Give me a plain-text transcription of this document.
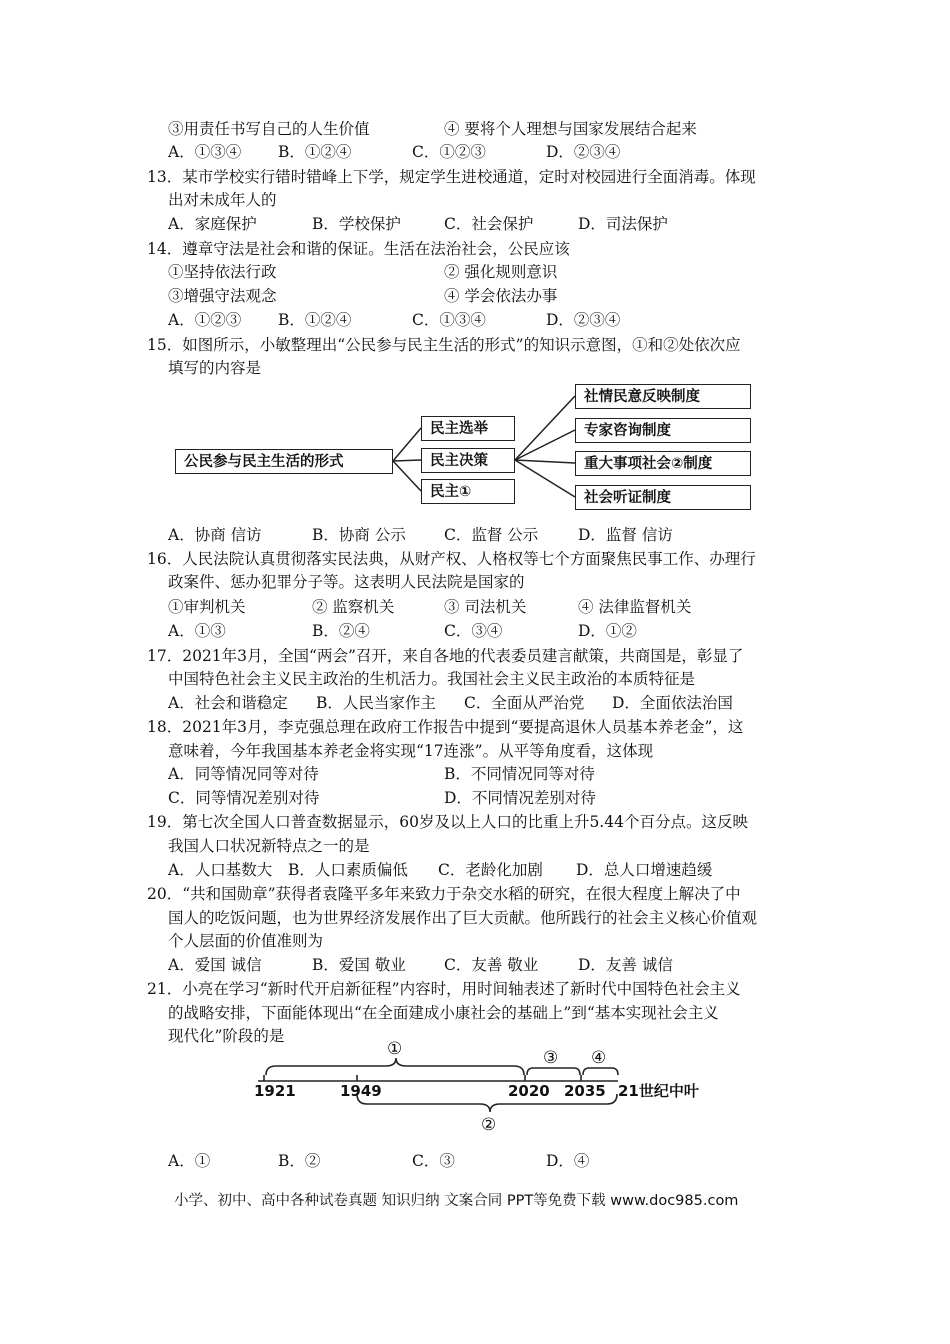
③用责任书写自己的人生价值	④ 要将个人理想与国家发展结合起来
A．①③④ B．①②④	C．①②③	D．②③④
13．某市学校实行错时错峰上下学，规定学生进校通道，定时对校园进行全面消毒。体现
出对未成年人的
A．家庭保护	B．学校保护	C．社会保护	D．司法保护
14．遵章守法是社会和谐的保证。生活在法治社会，公民应该
①坚持依法行政	② 强化规则意识
③增强守法观念	④ 学会依法办事
A．①②③ B．①②④	C．①③④	D．②③④
15．如图所示，小敏整理出“公民参与民主生活的形式”的知识示意图，①和②处依次应
填写的内容是
公民参与民主生活的形式
民主选举
民主决策
民主①
社情民意反映制度
专家咨询制度
重大事项社会②制度
社会听证制度
A．协商 信访	B．协商 公示 C．监督 公示	D．监督 信访
16．人民法院认真贯彻落实民法典，从财产权、人格权等七个方面聚焦民事工作、办理行
政案件、惩办犯罪分子等。这表明人民法院是国家的
①审判机关	② 监察机关	③ 司法机关	④ 法律监督机关
A．①③	B．②④	C．③④	D．①②
17．2021年3月，全国“两会”召开，来自各地的代表委员建言献策，共商国是，彰显了
中国特色社会主义民主政治的生机活力。我国社会主义民主政治的本质特征是
A．社会和谐稳定 B．人民当家作主 C．全面从严治党 D．全面依法治国
18．2021年3月，李克强总理在政府工作报告中提到“要提高退休人员基本养老金”，这
意味着，今年我国基本养老金将实现“17连涨”。从平等角度看，这体现
A．同等情况同等对待	B．不同情况同等对待
C．同等情况差别对待	D．不同情况差别对待
19．第七次全国人口普查数据显示，60岁及以上人口的比重上升5.44个百分点。这反映
我国人口状况新特点之一的是
A．人口基数大 B．人口素质偏低 C．老龄化加剧 D．总人口增速趋缓
20．“共和国勋章”获得者袁隆平多年来致力于杂交水稻的研究，在很大程度上解决了中
国人的吃饭问题，也为世界经济发展作出了巨大贡献。他所践行的社会主义核心价值观
个人层面的价值准则为
A．爱国 诚信	B．爱国 敬业 C．友善 敬业	D．友善 诚信
21．小亮在学习“新时代开启新征程”内容时，用时间轴表述了新时代中国特色社会主义
的战略安排，下面能体现出“在全面建成小康社会的基础上”到“基本实现社会主义
现代化”阶段的是
1921	1949	2020 2035 21世纪中叶
①
②
③ ④
A．①	B．②	C．③	D．④
小学、初中、高中各种试卷真题 知识归纳 文案合同 PPT等免费下载 www.doc985.com
